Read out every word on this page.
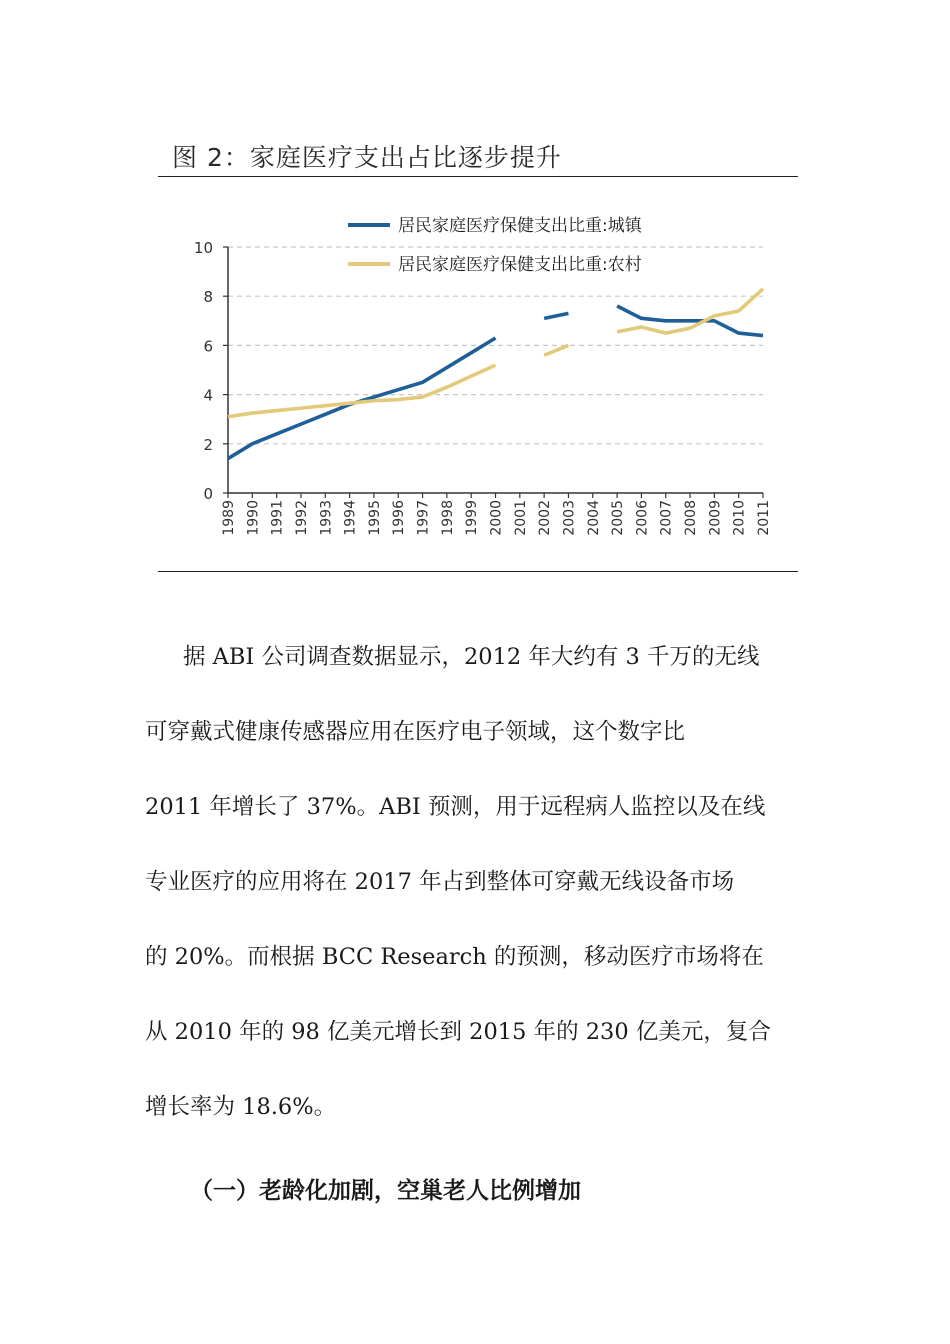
图 2：家庭医疗支出占比逐步提升
0
2
4
6
8
10
1989 1990 1991 1992 1993 1994 1995 1996 1997 1998 1999 2000 2001 2002 2003 2004 2005 2006 2007 2008 2009 2010 2011
居民家庭医疗保健支出比重:城镇
居民家庭医疗保健支出比重:农村

据 ABI 公司调查数据显示，2012 年大约有 3 千万的无线

可穿戴式健康传感器应用在医疗电子领域，这个数字比

2011 年增长了 37%。ABI 预测，用于远程病人监控以及在线

专业医疗的应用将在 2017 年占到整体可穿戴无线设备市场

的 20%。而根据 BCC Research 的预测，移动医疗市场将在

从 2010 年的 98 亿美元增长到 2015 年的 230 亿美元，复合

增长率为 18.6%。

（一）老龄化加剧，空巢老人比例增加
